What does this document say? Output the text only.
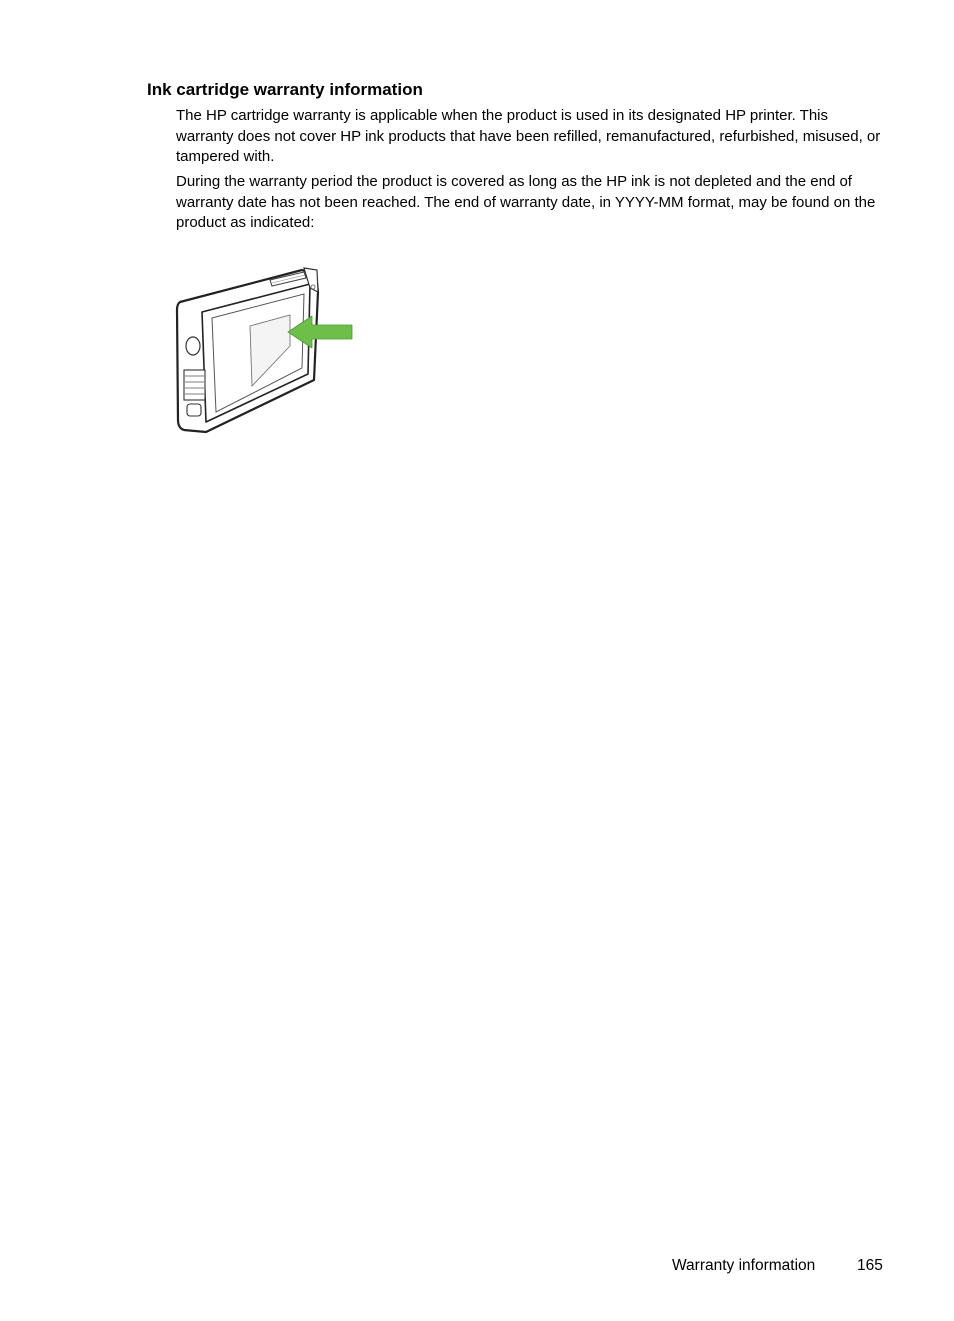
Ink cartridge warranty information

The HP cartridge warranty is applicable when the product is used in its designated HP printer. This warranty does not cover HP ink products that have been refilled, remanufactured, refurbished, misused, or tampered with.

During the warranty period the product is covered as long as the HP ink is not depleted and the end of warranty date has not been reached. The end of warranty date, in YYYY-MM format, may be found on the product as indicated:

Warranty information	165
